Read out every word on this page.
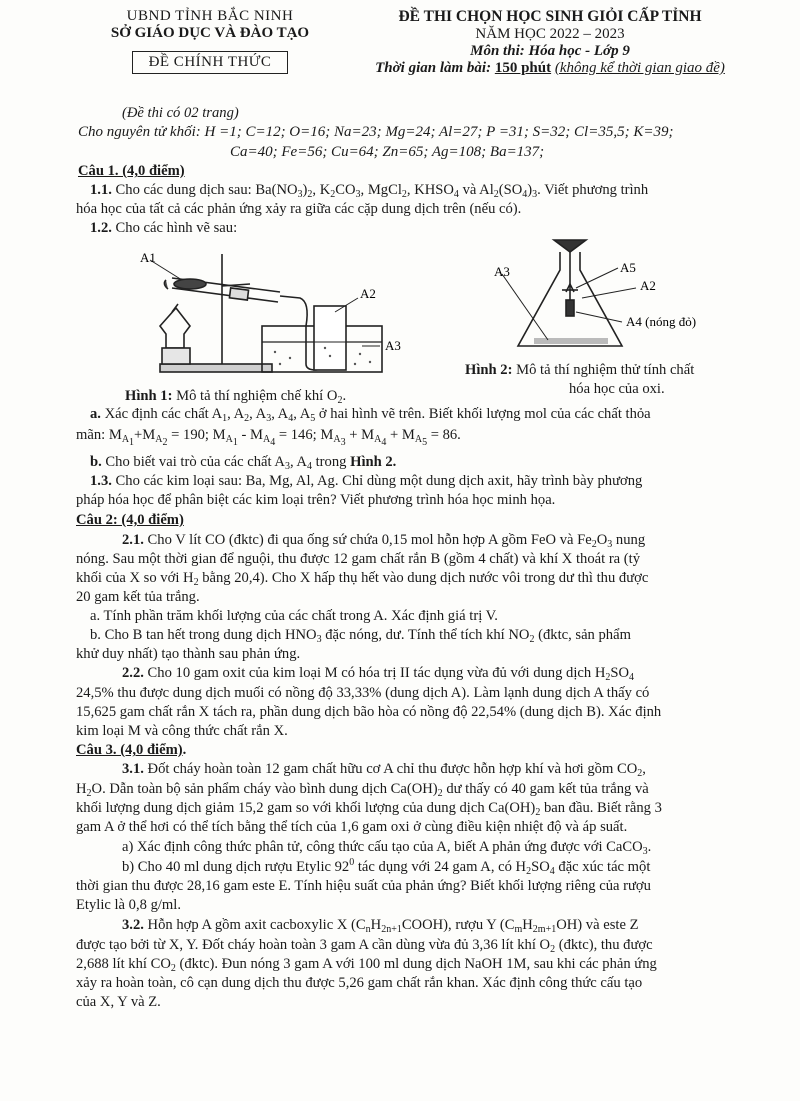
UBND TỈNH BẮC NINH
SỞ GIÁO DỤC VÀ ĐÀO TẠO
ĐỀ CHÍNH THỨC
ĐỀ THI CHỌN HỌC SINH GIỎI CẤP TỈNH
NĂM HỌC 2022 – 2023
Môn thi: Hóa học - Lớp 9
Thời gian làm bài: 150 phút (không kể thời gian giao đề)
(Đề thi có 02 trang)
Cho nguyên tử khối: H =1; C=12; O=16; Na=23; Mg=24; Al=27; P =31; S=32; Cl=35,5; K=39;
Ca=40; Fe=56; Cu=64; Zn=65; Ag=108; Ba=137;
Câu 1. (4,0 điểm)
1.1. Cho các dung dịch sau: $Ba(NO_3)_2$, $K_2CO_3$, MgCl$_2$, $KHSO_4$ và $Al_2(SO_4)_3$. Viết phương trình
hóa học của tất cả các phản ứng xảy ra giữa các cặp dung dịch trên (nếu có).
1.2. Cho các hình vẽ sau:
A1
A2
A3
A3	A5
A2
A4 (nóng đỏ)
Hình 2: Mô tả thí nghiệm thử tính chất
Hình 1: Mô tả thí nghiệm chế khí $O_2$.	hóa học của oxi.
a. Xác định các chất $A_1$, $A_2$, $A_3$, $A_4$, $A_5$ ở hai hình vẽ trên. Biết khối lượng mol của các chất thỏa
mãn: $M_{A_1}+M_{A_2} = 190$; $M_{A_1} - M_{A_4} = 146$; $M_{A_3} + M_{A_4} + M_{A_5} = 86$.
b. Cho biết vai trò của các chất $A_3$, $A_4$ trong Hình 2.
1.3. Cho các kim loại sau: Ba, Mg, Al, Ag. Chỉ dùng một dung dịch axit, hãy trình bày phương
pháp hóa học để phân biệt các kim loại trên? Viết phương trình hóa học minh họa.
Câu 2: (4,0 điểm)
2.1. Cho V lít CO (đktc) đi qua ống sứ chứa 0,15 mol hỗn hợp A gồm FeO và $Fe_2O_3$ nung
nóng. Sau một thời gian để nguội, thu được 12 gam chất rắn B (gồm 4 chất) và khí X thoát ra (tỷ
khối của X so với $H_2$ bằng 20,4). Cho X hấp thụ hết vào dung dịch nước vôi trong dư thì thu được
20 gam kết tủa trắng.
a. Tính phần trăm khối lượng của các chất trong A. Xác định giá trị V.
b. Cho B tan hết trong dung dịch $HNO_3$ đặc nóng, dư. Tính thể tích khí $NO_2$ (đktc, sản phẩm
khử duy nhất) tạo thành sau phản ứng.
2.2. Cho 10 gam oxit của kim loại M có hóa trị II tác dụng vừa đủ với dung dịch $H_2SO_4$
24,5% thu được dung dịch muối có nồng độ 33,33% (dung dịch A). Làm lạnh dung dịch A thấy có
15,625 gam chất rắn X tách ra, phần dung dịch bão hòa có nồng độ 22,54% (dung dịch B). Xác định
kim loại M và công thức chất rắn X.
Câu 3. (4,0 điểm).
3.1. Đốt cháy hoàn toàn 12 gam chất hữu cơ A chỉ thu được hỗn hợp khí và hơi gồm $CO_2$,
$H_2O$. Dẫn toàn bộ sản phẩm cháy vào bình dung dịch $Ca(OH)_2$ dư thấy có 40 gam kết tủa trắng và
khối lượng dung dịch giảm 15,2 gam so với khối lượng của dung dịch $Ca(OH)_2$ ban đầu. Biết rằng 3
gam A ở thể hơi có thể tích bằng thể tích của 1,6 gam oxi ở cùng điều kiện nhiệt độ và áp suất.
a) Xác định công thức phân tử, công thức cấu tạo của A, biết A phản ứng được với CaCO$_3$.
b) Cho 40 ml dung dịch rượu Etylic $92^0$ tác dụng với 24 gam A, có $H_2SO_4$ đặc xúc tác một
thời gian thu được 28,16 gam este E. Tính hiệu suất của phản ứng? Biết khối lượng riêng của rượu
Etylic là 0,8 g/ml.
3.2. Hỗn hợp A gồm axit cacboxylic X $(C_nH_{2n+1}COOH)$, rượu Y $(C_mH_{2m+1}OH)$ và este Z
được tạo bởi từ X, Y. Đốt cháy hoàn toàn 3 gam A cần dùng vừa đủ 3,36 lít khí $O_2$ (đktc), thu được
2,688 lít khí $CO_2$ (đktc). Đun nóng 3 gam A với 100 ml dung dịch NaOH 1M, sau khi các phản ứng
xảy ra hoàn toàn, cô cạn dung dịch thu được 5,26 gam chất rắn khan. Xác định công thức cấu tạo
của X, Y và Z.
